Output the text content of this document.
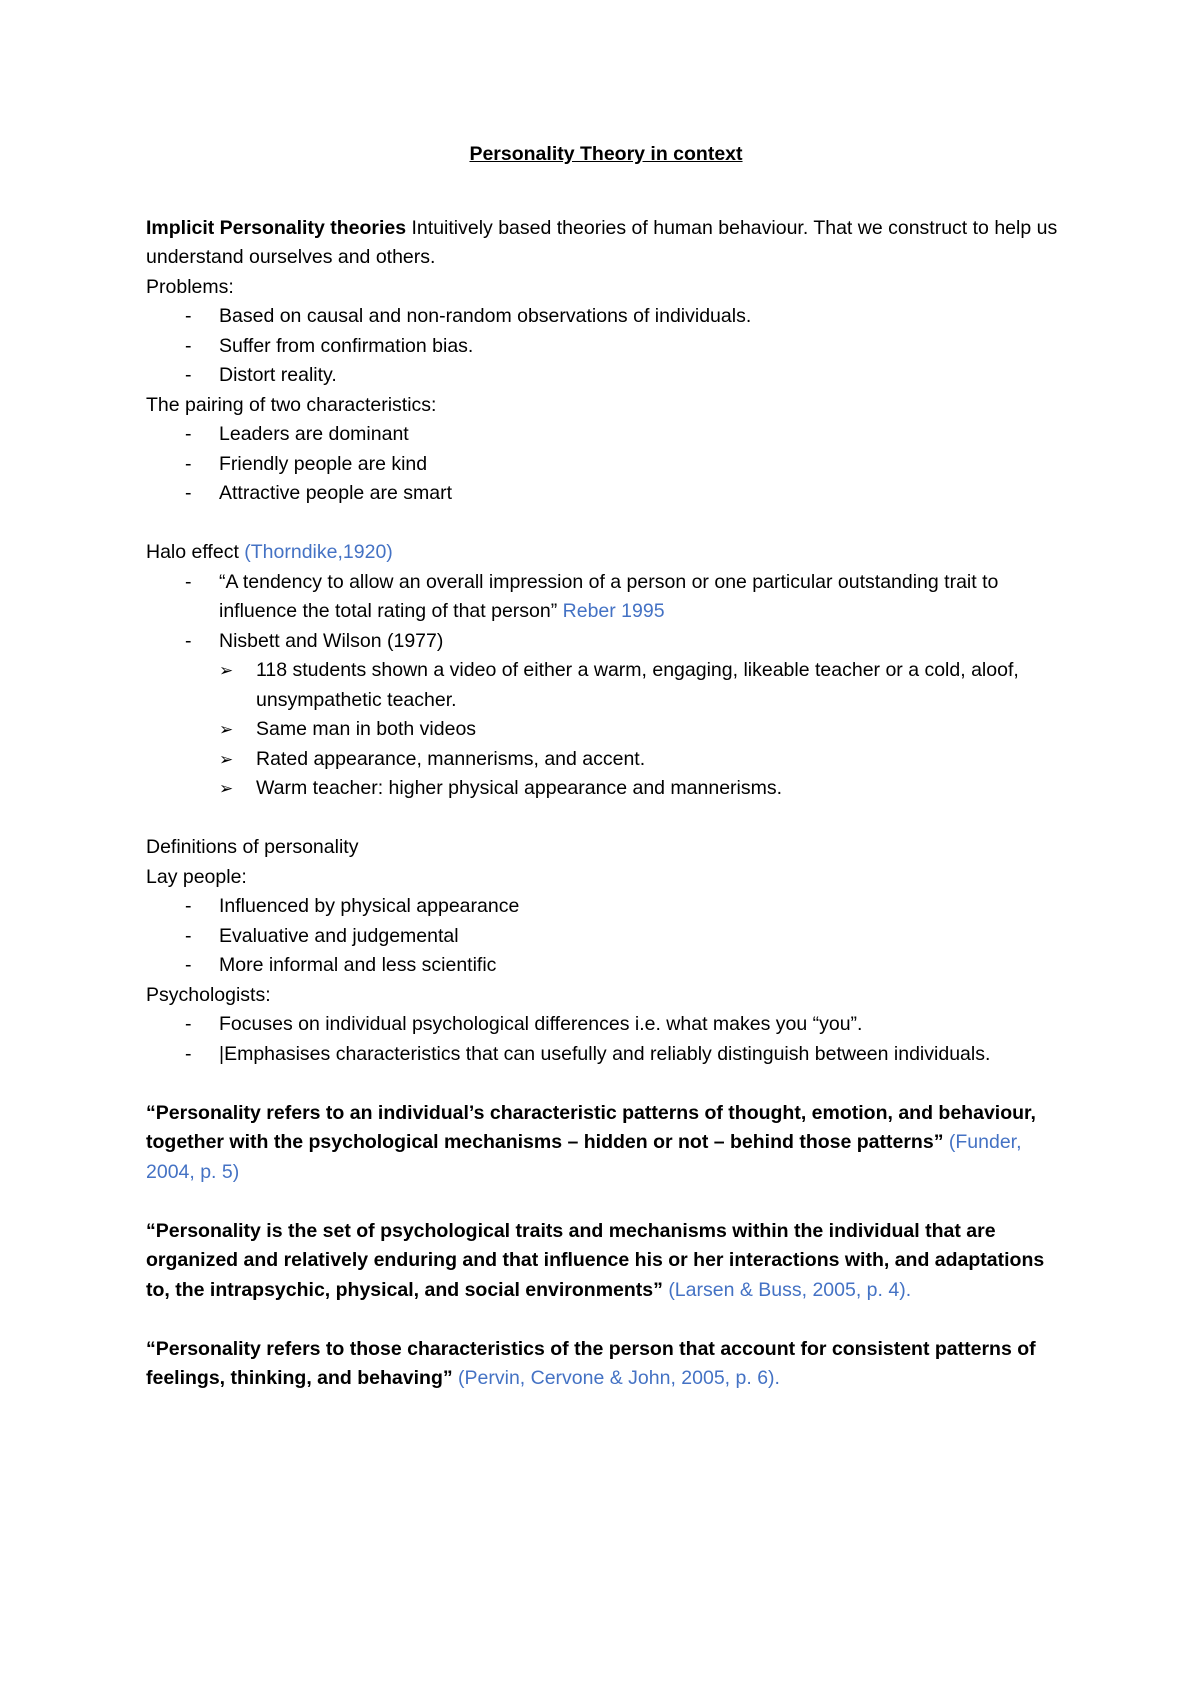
Personality Theory in context

Implicit Personality theories Intuitively based theories of human behaviour. That we construct to help us understand ourselves and others.

Problems:

- Based on causal and non-random observations of individuals.
- Suffer from confirmation bias.
- Distort reality.

The pairing of two characteristics:

- Leaders are dominant
- Friendly people are kind
- Attractive people are smart

Halo effect (Thorndike,1920)

- “A tendency to allow an overall impression of a person or one particular outstanding trait to influence the total rating of that person” Reber 1995
- Nisbett and Wilson (1977)
➢ 118 students shown a video of either a warm, engaging, likeable teacher or a cold, aloof, unsympathetic teacher.
➢ Same man in both videos
➢ Rated appearance, mannerisms, and accent.
➢ Warm teacher: higher physical appearance and mannerisms.

Definitions of personality

Lay people:

- Influenced by physical appearance
- Evaluative and judgemental
- More informal and less scientific

Psychologists:

- Focuses on individual psychological differences i.e. what makes you “you”.
- |Emphasises characteristics that can usefully and reliably distinguish between individuals.

“Personality refers to an individual’s characteristic patterns of thought, emotion, and behaviour, together with the psychological mechanisms – hidden or not – behind those patterns” (Funder, 2004, p. 5)

“Personality is the set of psychological traits and mechanisms within the individual that are organized and relatively enduring and that influence his or her interactions with, and adaptations to, the intrapsychic, physical, and social environments” (Larsen & Buss, 2005, p. 4).

“Personality refers to those characteristics of the person that account for consistent patterns of feelings, thinking, and behaving” (Pervin, Cervone & John, 2005, p. 6).
